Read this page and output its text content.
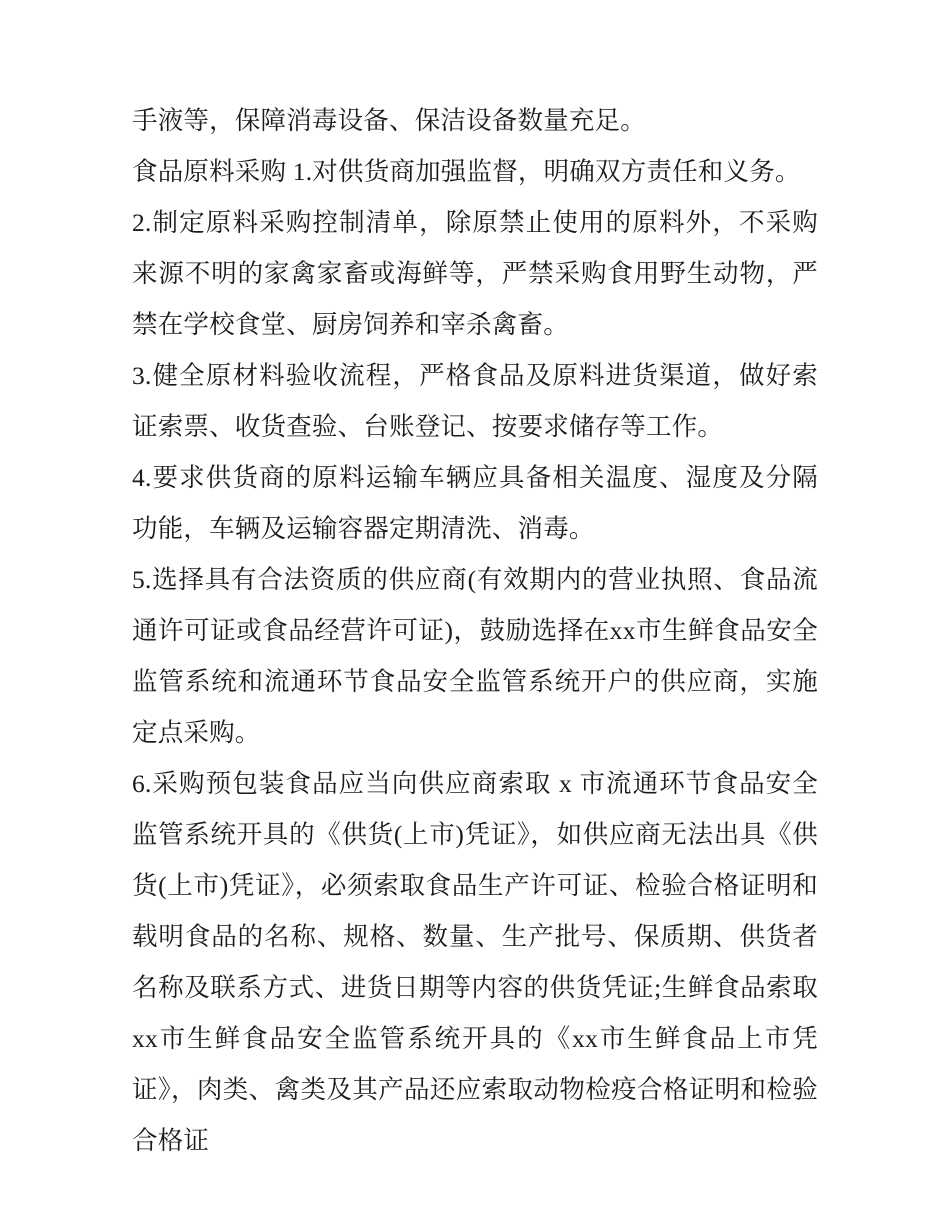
手液等，保障消毒设备、保洁设备数量充足。

食品原料采购 1.对供货商加强监督，明确双方责任和义务。

2.制定原料采购控制清单，除原禁止使用的原料外，不采购来源不明的家禽家畜或海鲜等，严禁采购食用野生动物，严禁在学校食堂、厨房饲养和宰杀禽畜。

3.健全原材料验收流程，严格食品及原料进货渠道，做好索证索票、收货查验、台账登记、按要求储存等工作。

4.要求供货商的原料运输车辆应具备相关温度、湿度及分隔功能，车辆及运输容器定期清洗、消毒。

5.选择具有合法资质的供应商(有效期内的营业执照、食品流通许可证或食品经营许可证)，鼓励选择在xx市生鲜食品安全监管系统和流通环节食品安全监管系统开户的供应商，实施定点采购。

6.采购预包装食品应当向供应商索取 x 市流通环节食品安全监管系统开具的《供货(上市)凭证》，如供应商无法出具《供货(上市)凭证》，必须索取食品生产许可证、检验合格证明和载明食品的名称、规格、数量、生产批号、保质期、供货者名称及联系方式、进货日期等内容的供货凭证;生鲜食品索取xx市生鲜食品安全监管系统开具的《xx市生鲜食品上市凭证》，肉类、禽类及其产品还应索取动物检疫合格证明和检验合格证
